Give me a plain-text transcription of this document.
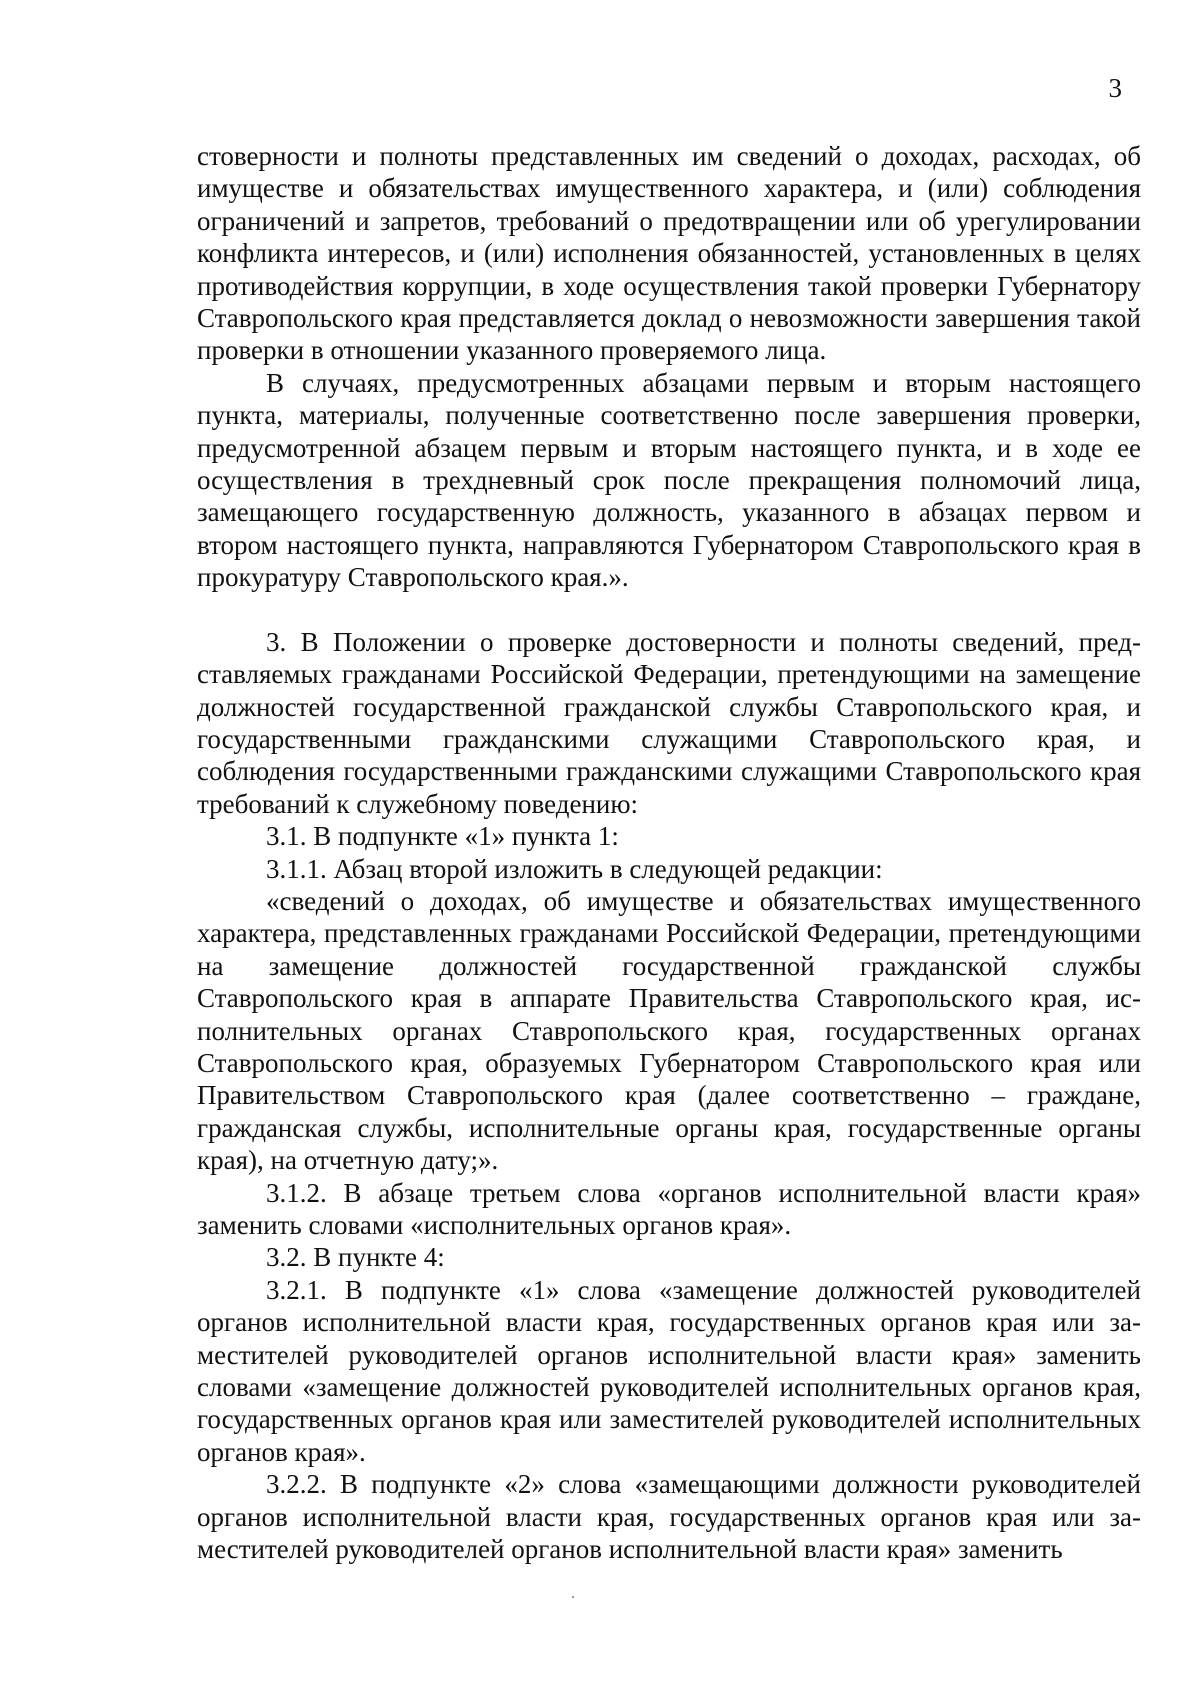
3

стоверности и полноты представленных им сведений о доходах, расходах, об имуществе и обязательствах имущественного характера, и (или) соблюдения ограничений и запретов, требований о предотвращении или об урегулировании конфликта интересов, и (или) исполнения обязанностей, установленных в целях противодействия коррупции, в ходе осуществления такой проверки Губернатору Ставропольского края представляется доклад о невозможности завершения такой проверки в отношении указанного проверяемого лица.

В случаях, предусмотренных абзацами первым и вторым настоящего пункта, материалы, полученные соответственно после завершения проверки, предусмотренной абзацем первым и вторым настоящего пункта, и в ходе ее осуществления в трехдневный срок после прекращения полномочий лица, замещающего государственную должность, указанного в абзацах первом и втором настоящего пункта, направляются Губернатором Ставропольского края в прокуратуру Ставропольского края.».

3. В Положении о проверке достоверности и полноты сведений, представляемых гражданами Российской Федерации, претендующими на замещение должностей государственной гражданской службы Ставропольского края, и государственными гражданскими служащими Ставропольского края, и соблюдения государственными гражданскими служащими Ставропольского края требований к служебному поведению:

3.1. В подпункте «1» пункта 1:

3.1.1. Абзац второй изложить в следующей редакции:

«сведений о доходах, об имуществе и обязательствах имущественного характера, представленных гражданами Российской Федерации, претендующими на замещение должностей государственной гражданской службы Ставропольского края в аппарате Правительства Ставропольского края, исполнительных органах Ставропольского края, государственных органах Ставропольского края, образуемых Губернатором Ставропольского края или Правительством Ставропольского края (далее соответственно – граждане, гражданская службы, исполнительные органы края, государственные органы края), на отчетную дату;».

3.1.2. В абзаце третьем слова «органов исполнительной власти края» заменить словами «исполнительных органов края».

3.2. В пункте 4:

3.2.1. В подпункте «1» слова «замещение должностей руководителей органов исполнительной власти края, государственных органов края или заместителей руководителей органов исполнительной власти края» заменить словами «замещение должностей руководителей исполнительных органов края, государственных органов края или заместителей руководителей исполнительных органов края».

3.2.2. В подпункте «2» слова «замещающими должности руководителей органов исполнительной власти края, государственных органов края или заместителей руководителей органов исполнительной власти края» заменить
